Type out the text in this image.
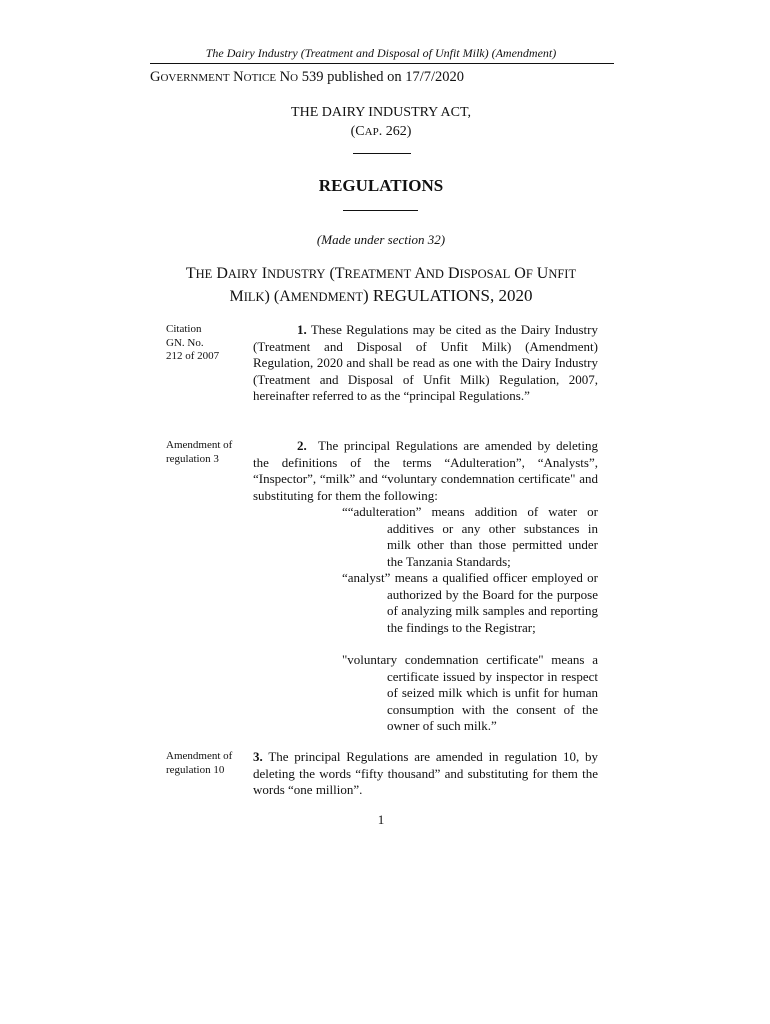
The Dairy Industry (Treatment and Disposal of Unfit Milk) (Amendment)
GOVERNMENT NOTICE NO 539 published on 17/7/2020
THE DAIRY INDUSTRY ACT,
(CAP. 262)
REGULATIONS
(Made under section 32)
THE DAIRY INDUSTRY (TREATMENT AND DISPOSAL OF UNFIT
MILK) (AMENDMENT) REGULATIONS, 2020
Citation
GN. No.
212 of 2007
1. These Regulations may be cited as the Dairy Industry (Treatment and Disposal of Unfit Milk) (Amendment) Regulation, 2020 and shall be read as one with the Dairy Industry (Treatment and Disposal of Unfit Milk) Regulation, 2007, hereinafter referred to as the “principal Regulations.”
Amendment of
regulation 3
2. The principal Regulations are amended by deleting the definitions of the terms “Adulteration”, “Analysts”, “Inspector”, “milk” and “voluntary condemnation certificate" and substituting for them the following:
““adulteration” means addition of water or additives or any other substances in milk other than those permitted under the Tanzania Standards;
“analyst” means a qualified officer employed or authorized by the Board for the purpose of analyzing milk samples and reporting the findings to the Registrar;
"voluntary condemnation certificate" means a certificate issued by inspector in respect of seized milk which is unfit for human consumption with the consent of the owner of such milk.”
Amendment of
regulation 10
3. The principal Regulations are amended in regulation 10, by deleting the words “fifty thousand” and substituting for them the words “one million”.
1
